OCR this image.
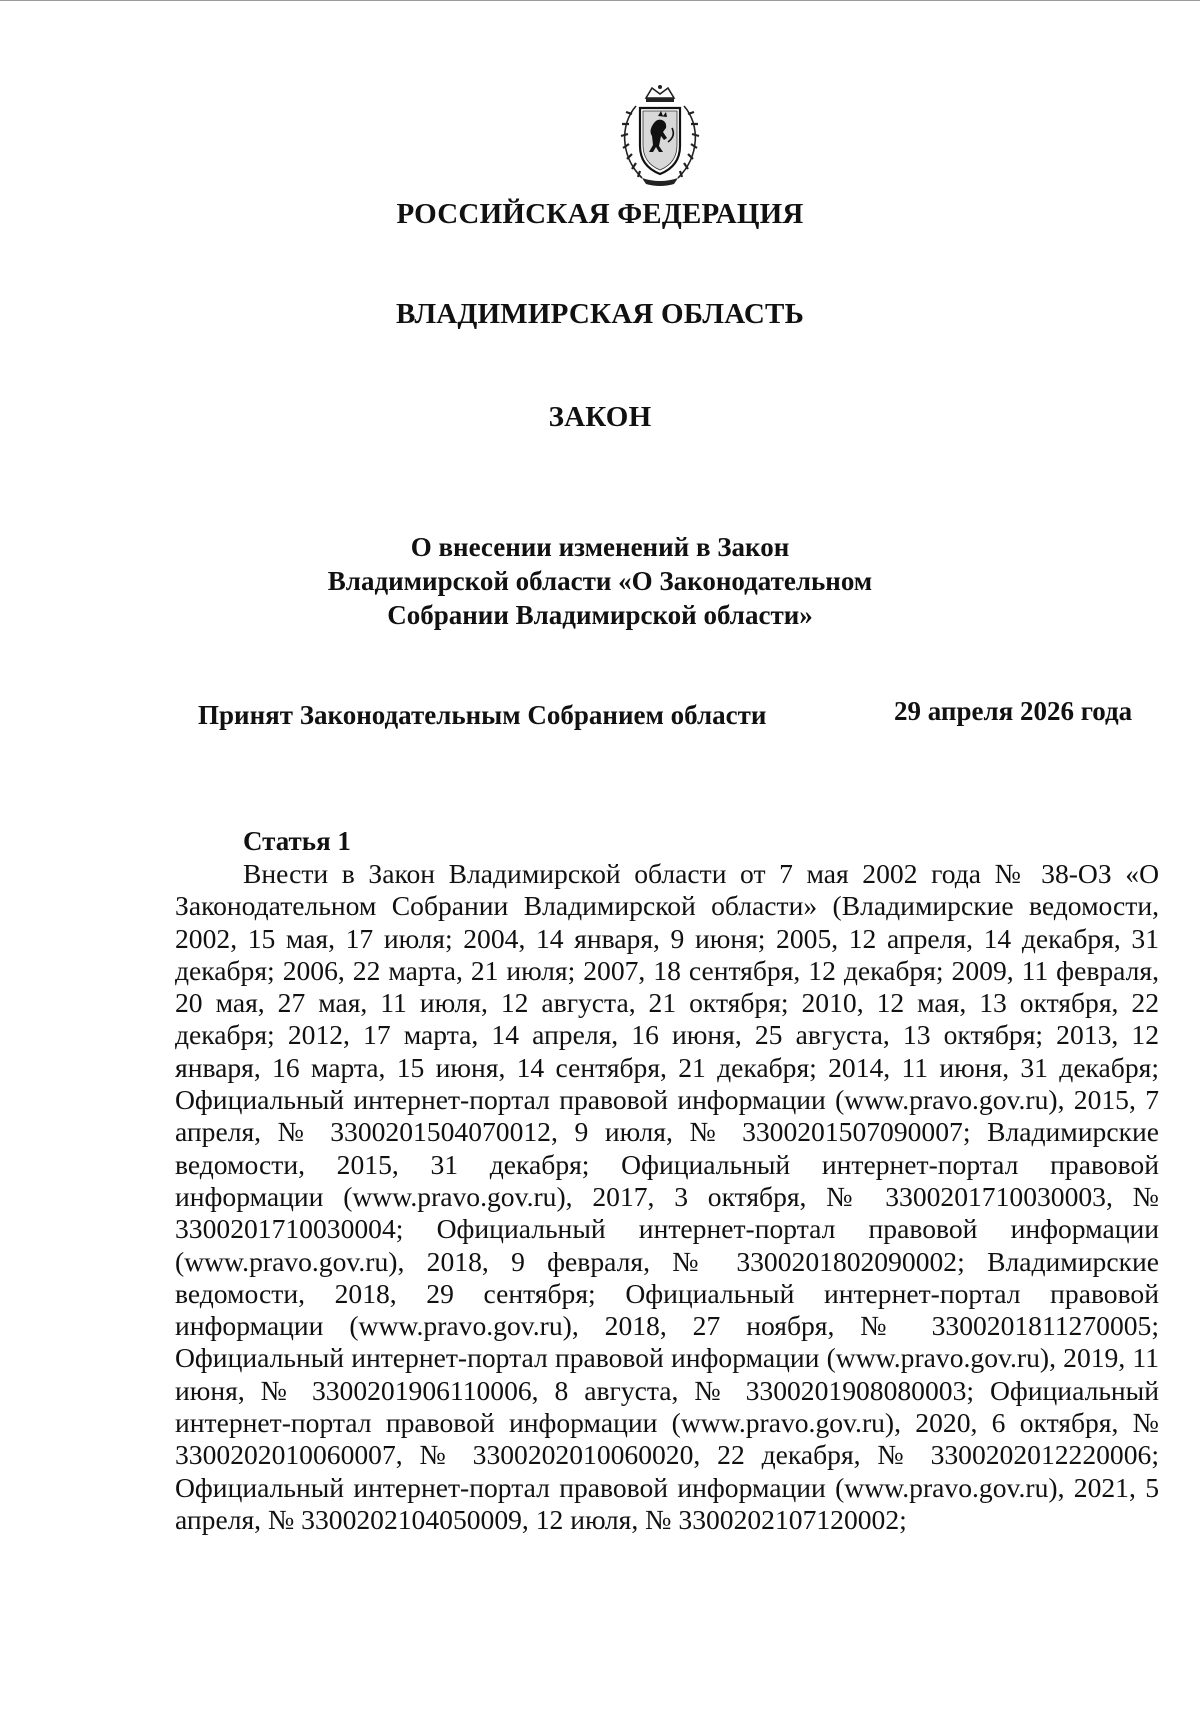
РОССИЙСКАЯ ФЕДЕРАЦИЯ
ВЛАДИМИРСКАЯ ОБЛАСТЬ
ЗАКОН
О внесении изменений в Закон
Владимирской области «О Законодательном
Собрании Владимирской области»
Принят Законодательным Собранием области	29 апреля 2026 года
Статья 1
Внести в Закон Владимирской области от 7 мая 2002 года № 38-ОЗ «О Законодательном Собрании Владимирской области» (Владимирские ведомости, 2002, 15 мая, 17 июля; 2004, 14 января, 9 июня; 2005, 12 апреля, 14 декабря, 31 декабря; 2006, 22 марта, 21 июля; 2007, 18 сентября, 12 декабря; 2009, 11 февраля, 20 мая, 27 мая, 11 июля, 12 августа, 21 октября; 2010, 12 мая, 13 октября, 22 декабря; 2012, 17 марта, 14 апреля, 16 июня, 25 августа, 13 октября; 2013, 12 января, 16 марта, 15 июня, 14 сентября, 21 декабря; 2014, 11 июня, 31 декабря; Официальный интернет-портал правовой информации (www.pravo.gov.ru), 2015, 7 апреля, № 3300201504070012, 9 июля, № 3300201507090007; Владимирские ведомости, 2015, 31 декабря; Официальный интернет-портал правовой информации (www.pravo.gov.ru), 2017, 3 октября, № 3300201710030003, № 3300201710030004; Официальный интернет-портал правовой информации (www.pravo.gov.ru), 2018, 9 февраля, № 3300201802090002; Владимирские ведомости, 2018, 29 сентября; Официальный интернет-портал правовой информации (www.pravo.gov.ru), 2018, 27 ноября, № 3300201811270005; Официальный интернет-портал правовой информации (www.pravo.gov.ru), 2019, 11 июня, № 3300201906110006, 8 августа, № 3300201908080003; Официальный интернет-портал правовой информации (www.pravo.gov.ru), 2020, 6 октября, № 3300202010060007, № 3300202010060020, 22 декабря, № 3300202012220006; Официальный интернет-портал правовой информации (www.pravo.gov.ru), 2021, 5 апреля, № 3300202104050009, 12 июля, № 3300202107120002;
